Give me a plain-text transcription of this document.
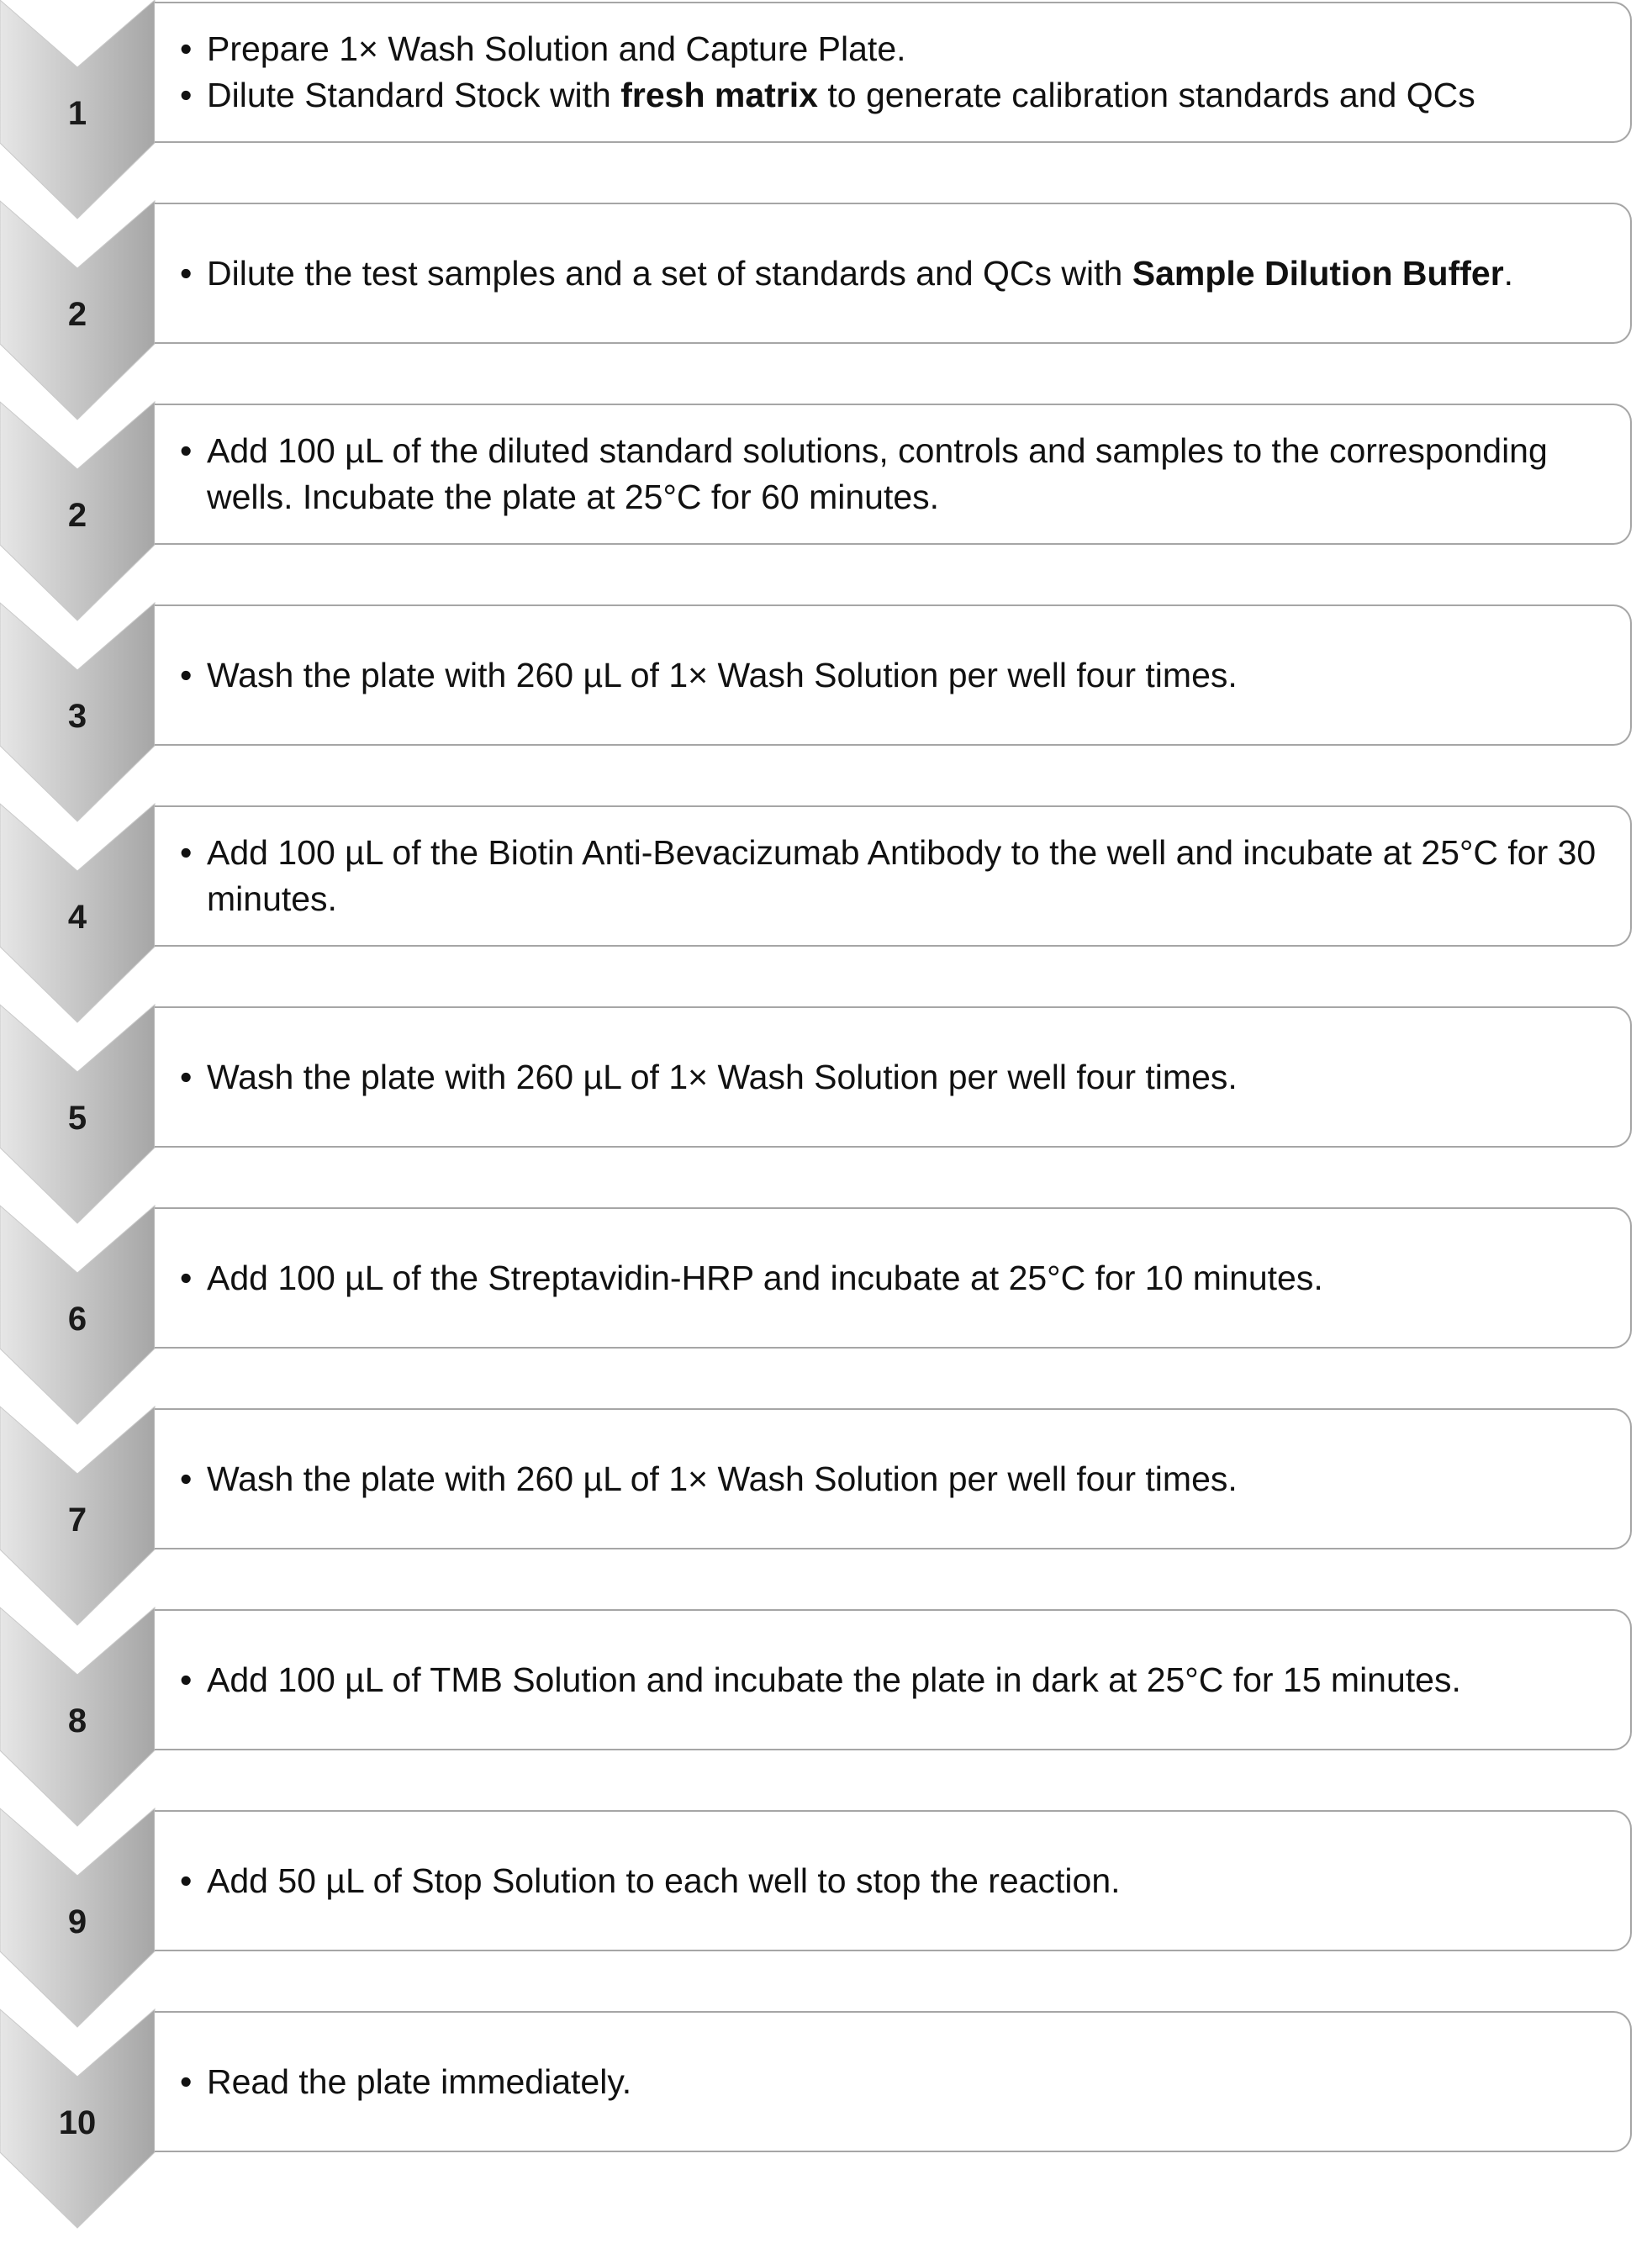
1
• Prepare 1× Wash Solution and Capture Plate.
• Dilute Standard Stock with fresh matrix to generate calibration standards and QCs
2
• Dilute the test samples and a set of standards and QCs with Sample Dilution Buffer.
2
• Add 100 µL of the diluted standard solutions, controls and samples to the corresponding wells. Incubate the plate at 25°C for 60 minutes.
3
• Wash the plate with 260 µL of 1× Wash Solution per well four times.
4
• Add 100 µL of the Biotin Anti-Bevacizumab Antibody to the well and incubate at 25°C for 30 minutes.
5
• Wash the plate with 260 µL of 1× Wash Solution per well four times.
6
• Add 100 µL of the Streptavidin-HRP and incubate at 25°C for 10 minutes.
7
• Wash the plate with 260 µL of 1× Wash Solution per well four times.
8
• Add 100 µL of TMB Solution and incubate the plate in dark at 25°C for 15 minutes.
9
• Add 50 µL of Stop Solution to each well to stop the reaction.
10
• Read the plate immediately.
